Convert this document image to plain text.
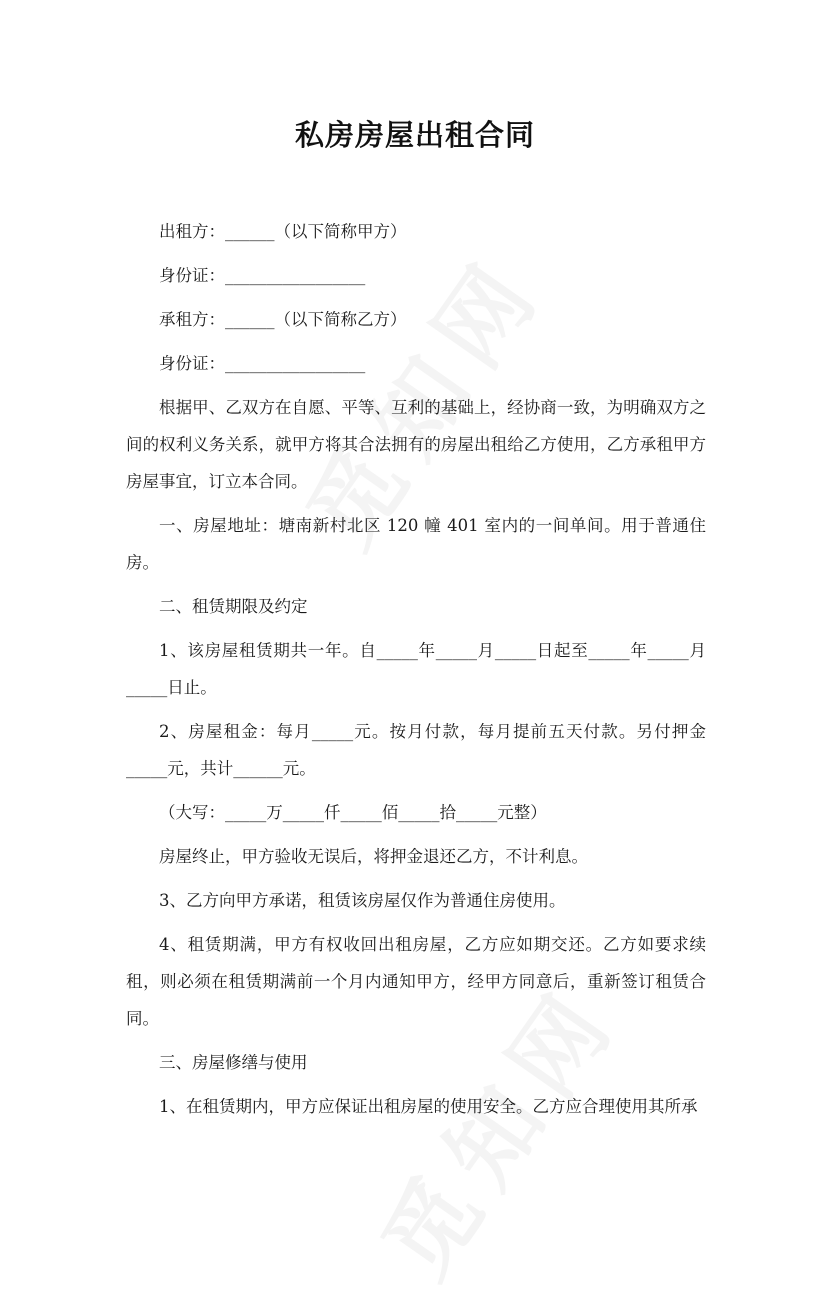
私房房屋出租合同

出租方：______（以下简称甲方）

身份证：_________________

承租方：______（以下简称乙方）

身份证：_________________

根据甲、乙双方在自愿、平等、互利的基础上，经协商一致，为明确双方之间的权利义务关系，就甲方将其合法拥有的房屋出租给乙方使用，乙方承租甲方房屋事宜，订立本合同。

一、房屋地址：塘南新村北区 120 幢 401 室内的一间单间。用于普通住房。

二、租赁期限及约定

1、该房屋租赁期共一年。自_____年_____月_____日起至_____年_____月_____日止。

2、房屋租金：每月_____元。按月付款，每月提前五天付款。另付押金_____元，共计______元。

（大写：_____万_____仟_____佰_____拾_____元整）

房屋终止，甲方验收无误后，将押金退还乙方，不计利息。

3、乙方向甲方承诺，租赁该房屋仅作为普通住房使用。

4、租赁期满，甲方有权收回出租房屋，乙方应如期交还。乙方如要求续租，则必须在租赁期满前一个月内通知甲方，经甲方同意后，重新签订租赁合同。

三、房屋修缮与使用

1、在租赁期内，甲方应保证出租房屋的使用安全。乙方应合理使用其所承
